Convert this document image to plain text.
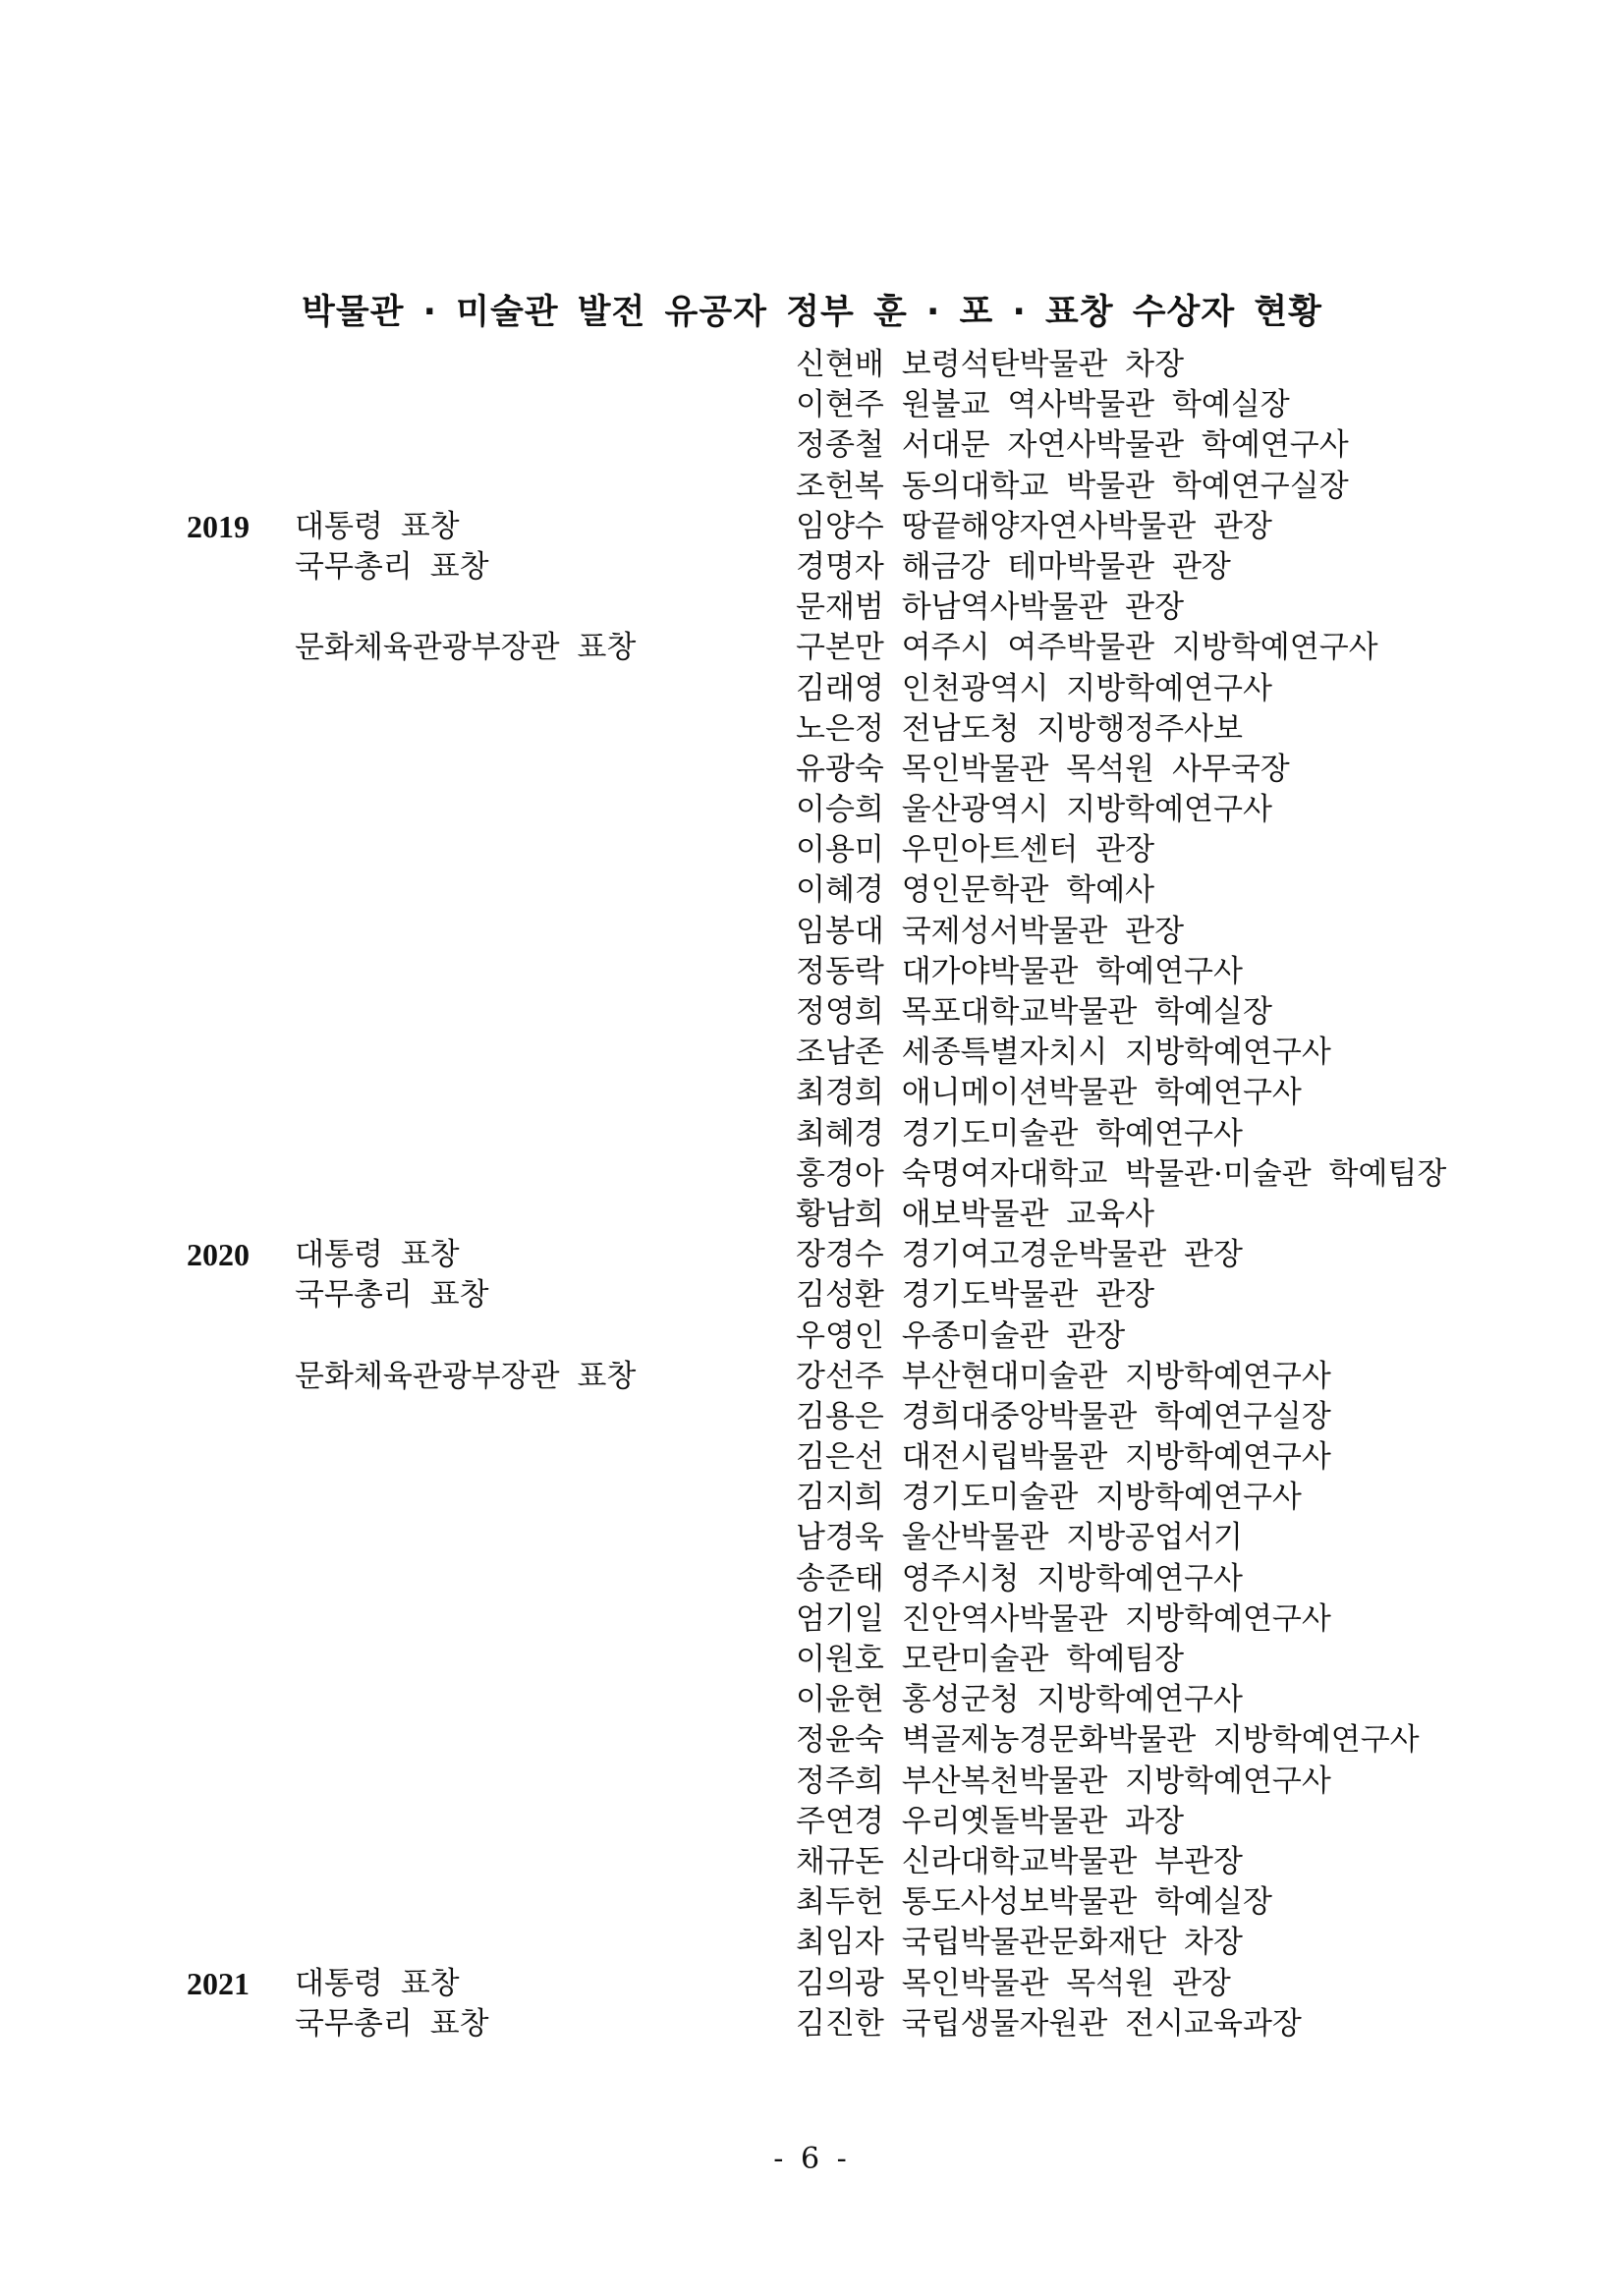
박물관 · 미술관 발전 유공자 정부 훈 · 포 · 표창 수상자 현황
신현배 보령석탄박물관 차장
이현주 원불교 역사박물관 학예실장
정종철 서대문 자연사박물관 학예연구사
조헌복 동의대학교 박물관 학예연구실장
2019 대통령 표창	임양수 땅끝해양자연사박물관 관장
국무총리 표창	경명자 해금강 테마박물관 관장
문재범 하남역사박물관 관장
문화체육관광부장관 표창	구본만 여주시 여주박물관 지방학예연구사
김래영 인천광역시 지방학예연구사
노은정 전남도청 지방행정주사보
유광숙 목인박물관 목석원 사무국장
이승희 울산광역시 지방학예연구사
이용미 우민아트센터 관장
이혜경 영인문학관 학예사
임봉대 국제성서박물관 관장
정동락 대가야박물관 학예연구사
정영희 목포대학교박물관 학예실장
조남존 세종특별자치시 지방학예연구사
최경희 애니메이션박물관 학예연구사
최혜경 경기도미술관 학예연구사
홍경아 숙명여자대학교 박물관·미술관 학예팀장
황남희 애보박물관 교육사
2020 대통령 표창	장경수 경기여고경운박물관 관장
국무총리 표창	김성환 경기도박물관 관장
우영인 우종미술관 관장
문화체육관광부장관 표창	강선주 부산현대미술관 지방학예연구사
김용은 경희대중앙박물관 학예연구실장
김은선 대전시립박물관 지방학예연구사
김지희 경기도미술관 지방학예연구사
남경욱 울산박물관 지방공업서기
송준태 영주시청 지방학예연구사
엄기일 진안역사박물관 지방학예연구사
이원호 모란미술관 학예팀장
이윤현 홍성군청 지방학예연구사
정윤숙 벽골제농경문화박물관 지방학예연구사
정주희 부산복천박물관 지방학예연구사
주연경 우리옛돌박물관 과장
채규돈 신라대학교박물관 부관장
최두헌 통도사성보박물관 학예실장
최임자 국립박물관문화재단 차장
2021 대통령 표창	김의광 목인박물관 목석원 관장
국무총리 표창	김진한 국립생물자원관 전시교육과장
- 6 -
